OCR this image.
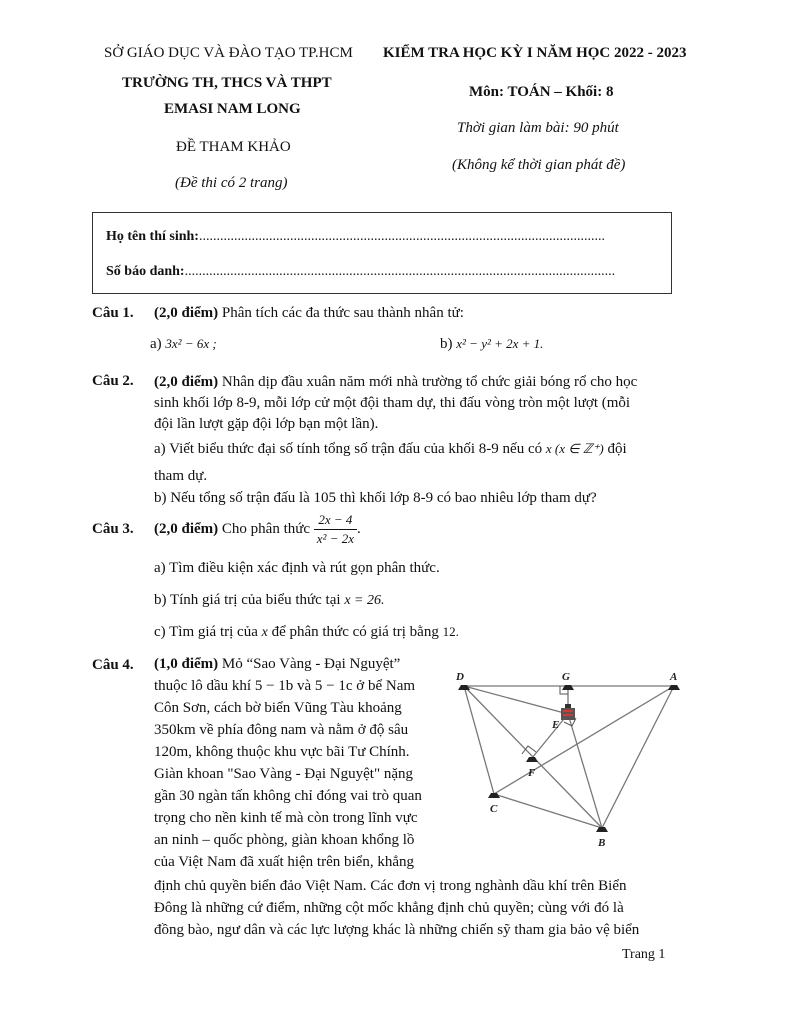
SỞ GIÁO DỤC VÀ ĐÀO TẠO TP.HCM
TRƯỜNG TH, THCS VÀ THPT
EMASI NAM LONG
ĐỀ THAM KHẢO
(Đề thi có 2 trang)
KIỂM TRA HỌC KỲ I NĂM HỌC 2022 - 2023
Môn: TOÁN – Khối: 8
Thời gian làm bài: 90 phút
(Không kể thời gian phát đề)
Họ tên thí sinh:....................................................................................................................
Số báo danh:...........................................................................................................................
Câu 1. (2,0 điểm) Phân tích các đa thức sau thành nhân tử:
a) 3x² − 6x ;	b) x² − y² + 2x + 1.
Câu 2. (2,0 điểm) Nhân dịp đầu xuân năm mới nhà trường tổ chức giải bóng rổ cho học
sinh khối lớp 8-9, mỗi lớp cử một đội tham dự, thi đấu vòng tròn một lượt (mỗi
đội lần lượt gặp đội lớp bạn một lần).
a) Viết biểu thức đại số tính tổng số trận đấu của khối 8-9 nếu có x (x ∈ ℤ⁺) đội
tham dự.
b) Nếu tổng số trận đấu là 105 thì khối lớp 8-9 có bao nhiêu lớp tham dự?
Câu 3. (2,0 điểm) Cho phân thức $\frac{2x - 4}{\text{x² − 2x}}$ .
a) Tìm điều kiện xác định và rút gọn phân thức.
b) Tính giá trị của biểu thức tại x = 26.
c) Tìm giá trị của x để phân thức có giá trị bằng 12.
Câu 4. (1,0 điểm) Mỏ “Sao Vàng - Đại Nguyệt”
thuộc lô dầu khí 5 − 1b và 5 − 1c ở bể Nam
Côn Sơn, cách bờ biển Vũng Tàu khoảng
350km về phía đông nam và nằm ở độ sâu
120m, không thuộc khu vực bãi Tư Chính.
Giàn khoan "Sao Vàng - Đại Nguyệt" nặng
gần 30 ngàn tấn không chỉ đóng vai trò quan
trọng cho nền kinh tế mà còn trong lĩnh vực
an ninh – quốc phòng, giàn khoan khổng lồ
của Việt Nam đã xuất hiện trên biển, khẳng
định chủ quyền biển đảo Việt Nam. Các đơn vị trong nghành dầu khí trên Biển
Đông là những cứ điểm, những cột mốc khẳng định chủ quyền; cùng với đó là
đồng bào, ngư dân và các lực lượng khác là những chiến sỹ tham gia bảo vệ biển
D	G	A
E
F
C
B
Trang 1
